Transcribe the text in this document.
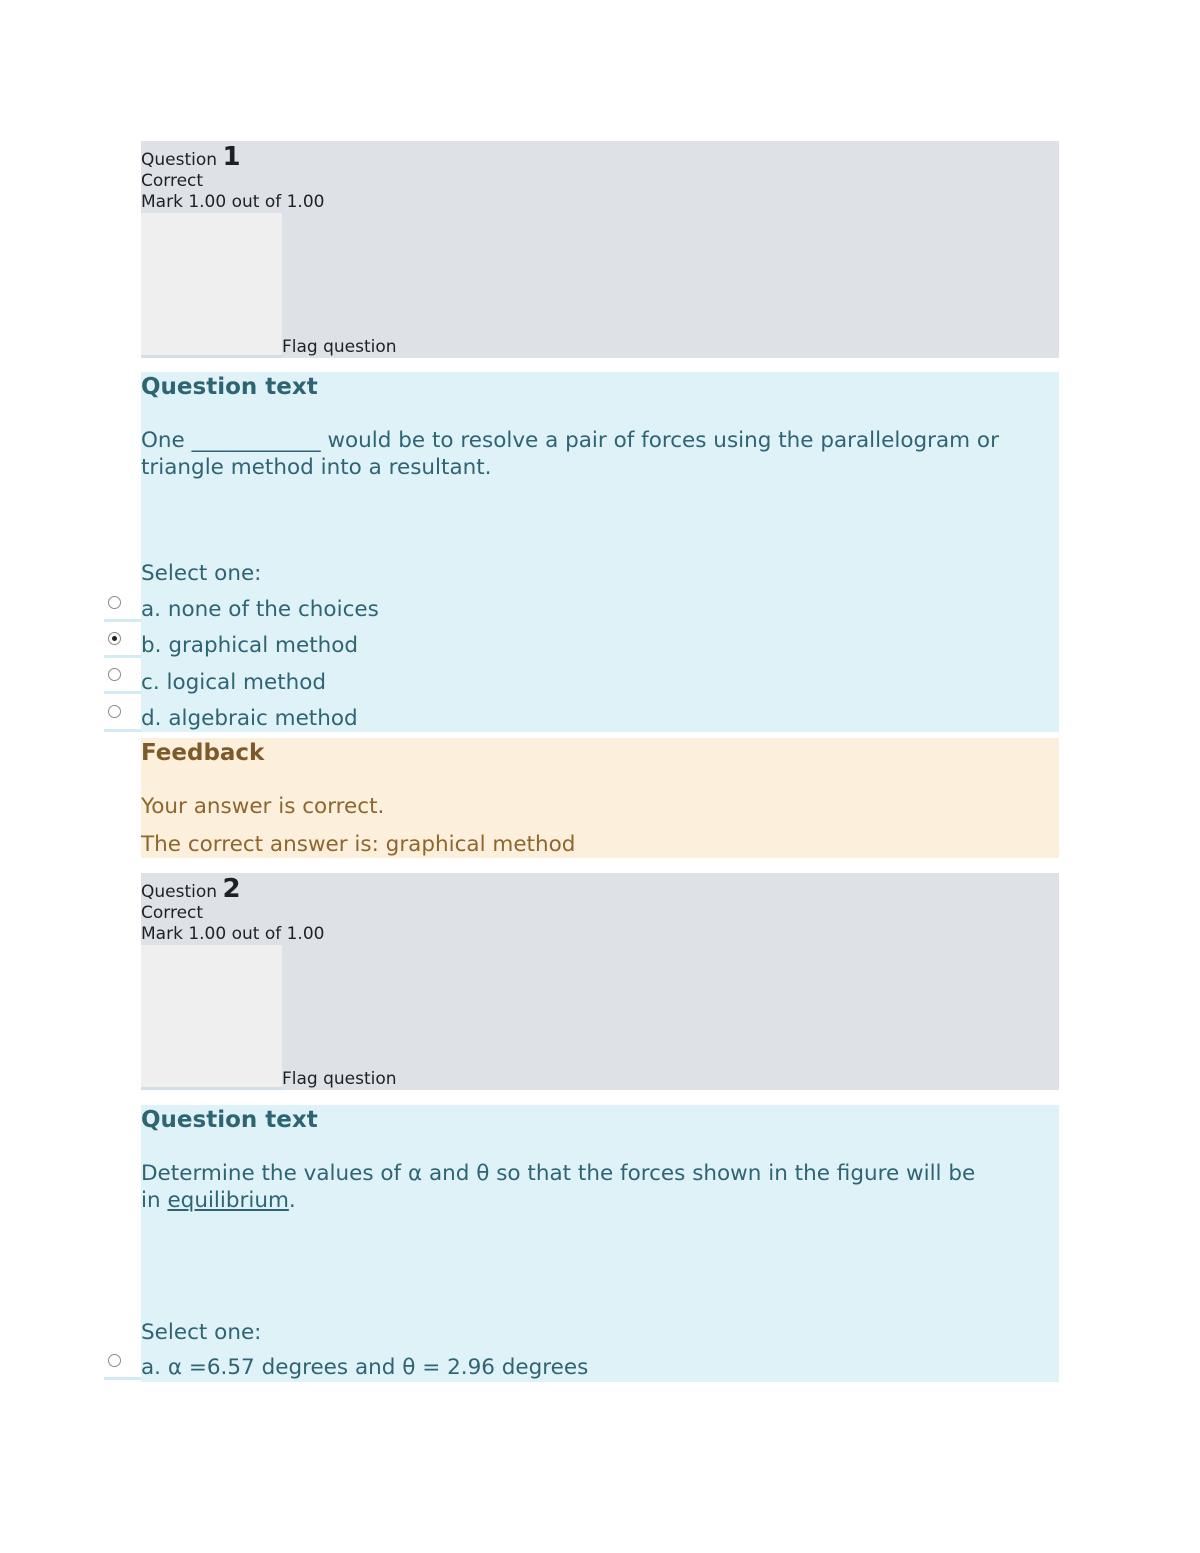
Question 1
Correct
Mark 1.00 out of 1.00
Flag question
Question text
One ____________ would be to resolve a pair of forces using the parallelogram or
triangle method into a resultant.
Select one:
a. none of the choices
b. graphical method
c. logical method
d. algebraic method
Feedback
Your answer is correct.
The correct answer is: graphical method
Question 2
Correct
Mark 1.00 out of 1.00
Flag question
Question text
Determine the values of α and θ so that the forces shown in the figure will be
in equilibrium.
Select one:
a. α =6.57 degrees and θ = 2.96 degrees
